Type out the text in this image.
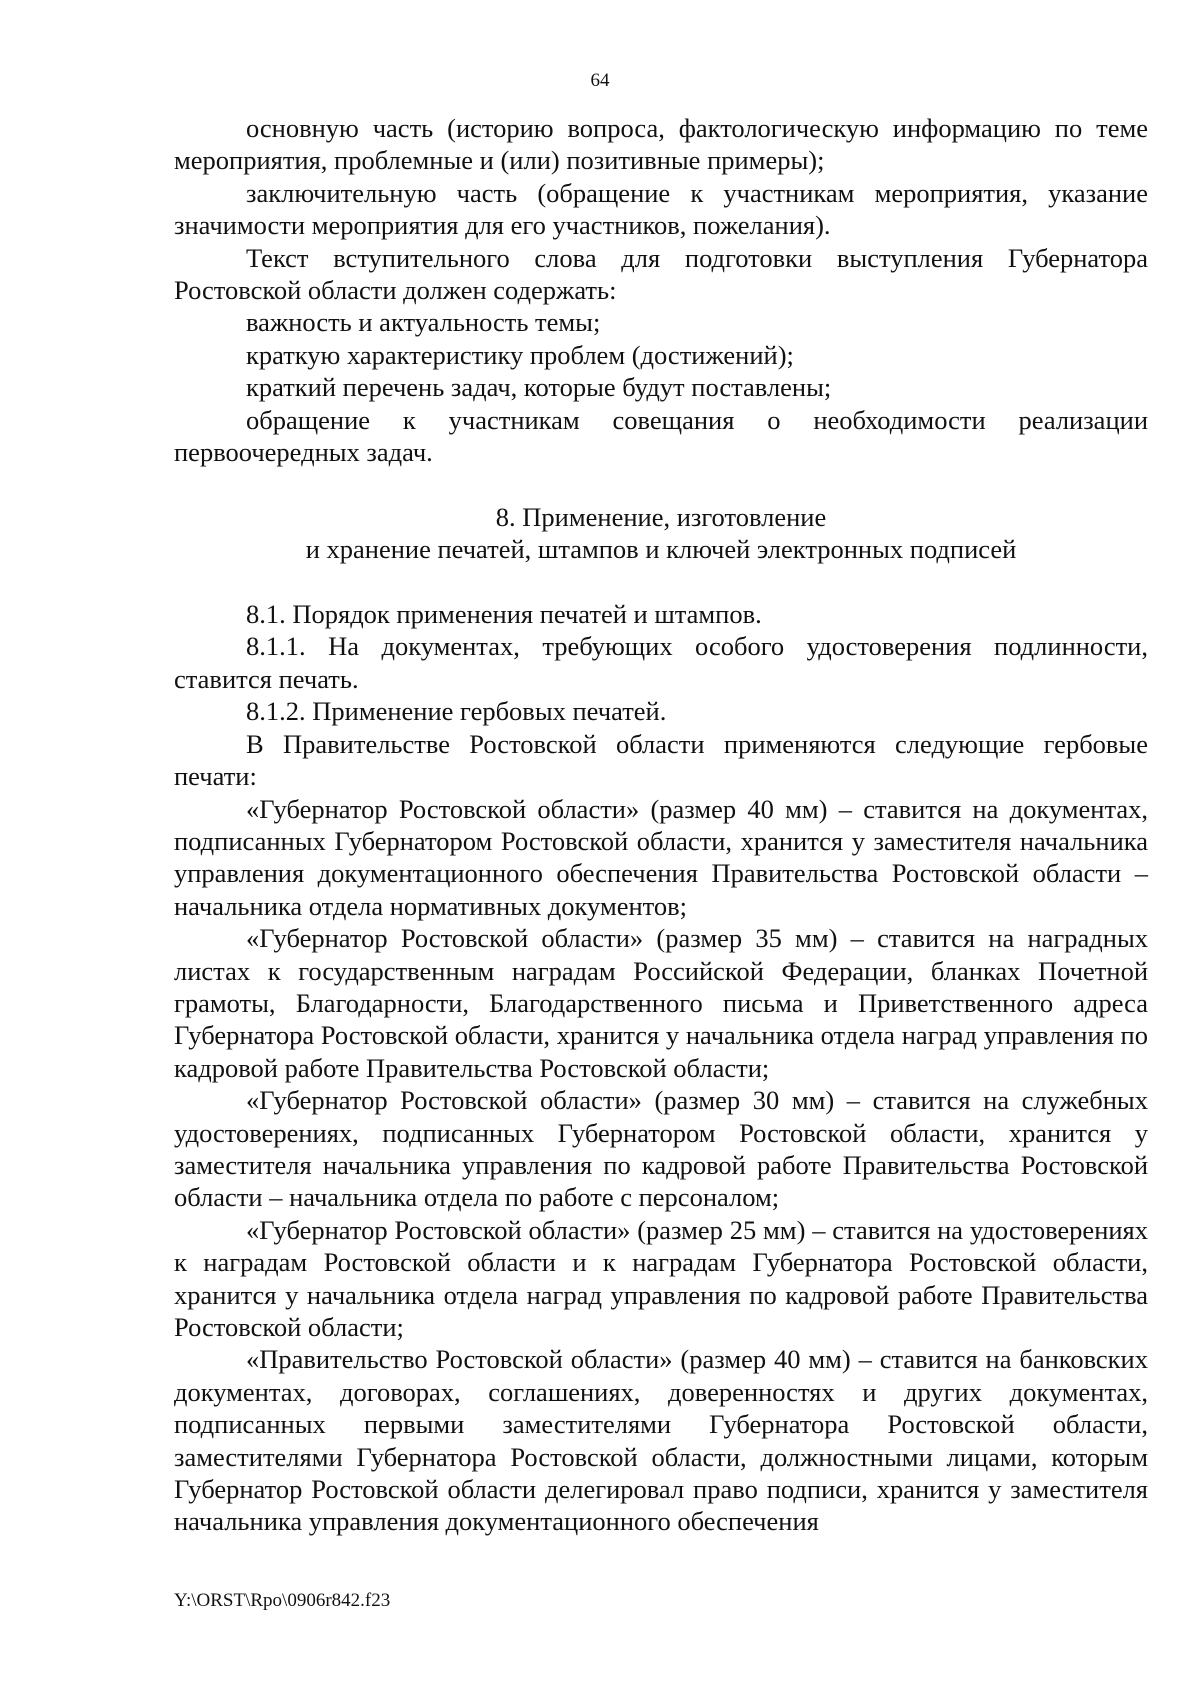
64

основную часть (историю вопроса, фактологическую информацию по теме мероприятия, проблемные и (или) позитивные примеры);

заключительную часть (обращение к участникам мероприятия, указание значимости мероприятия для его участников, пожелания).

Текст вступительного слова для подготовки выступления Губернатора Ростовской области должен содержать:

важность и актуальность темы;

краткую характеристику проблем (достижений);

краткий перечень задач, которые будут поставлены;

обращение к участникам совещания о необходимости реализации первоочередных задач.

8. Применение, изготовление

и хранение печатей, штампов и ключей электронных подписей

8.1. Порядок применения печатей и штампов.

8.1.1. На документах, требующих особого удостоверения подлинности, ставится печать.

8.1.2. Применение гербовых печатей.

В Правительстве Ростовской области применяются следующие гербовые печати:

«Губернатор Ростовской области» (размер 40 мм) – ставится на документах, подписанных Губернатором Ростовской области, хранится у заместителя начальника управления документационного обеспечения Правительства Ростовской области – начальника отдела нормативных документов;

«Губернатор Ростовской области» (размер 35 мм) – ставится на наградных листах к государственным наградам Российской Федерации, бланках Почетной грамоты, Благодарности, Благодарственного письма и Приветственного адреса Губернатора Ростовской области, хранится у начальника отдела наград управления по кадровой работе Правительства Ростовской области;

«Губернатор Ростовской области» (размер 30 мм) – ставится на служебных удостоверениях, подписанных Губернатором Ростовской области, хранится у заместителя начальника управления по кадровой работе Правительства Ростовской области – начальника отдела по работе с персоналом;

«Губернатор Ростовской области» (размер 25 мм) – ставится на удостоверениях к наградам Ростовской области и к наградам Губернатора Ростовской области, хранится у начальника отдела наград управления по кадровой работе Правительства Ростовской области;

«Правительство Ростовской области» (размер 40 мм) – ставится на банковских документах, договорах, соглашениях, доверенностях и других документах, подписанных первыми заместителями Губернатора Ростовской области, заместителями Губернатора Ростовской области, должностными лицами, которым Губернатор Ростовской области делегировал право подписи, хранится у заместителя начальника управления документационного обеспечения

Y:\ORST\Rpo\0906r842.f23
